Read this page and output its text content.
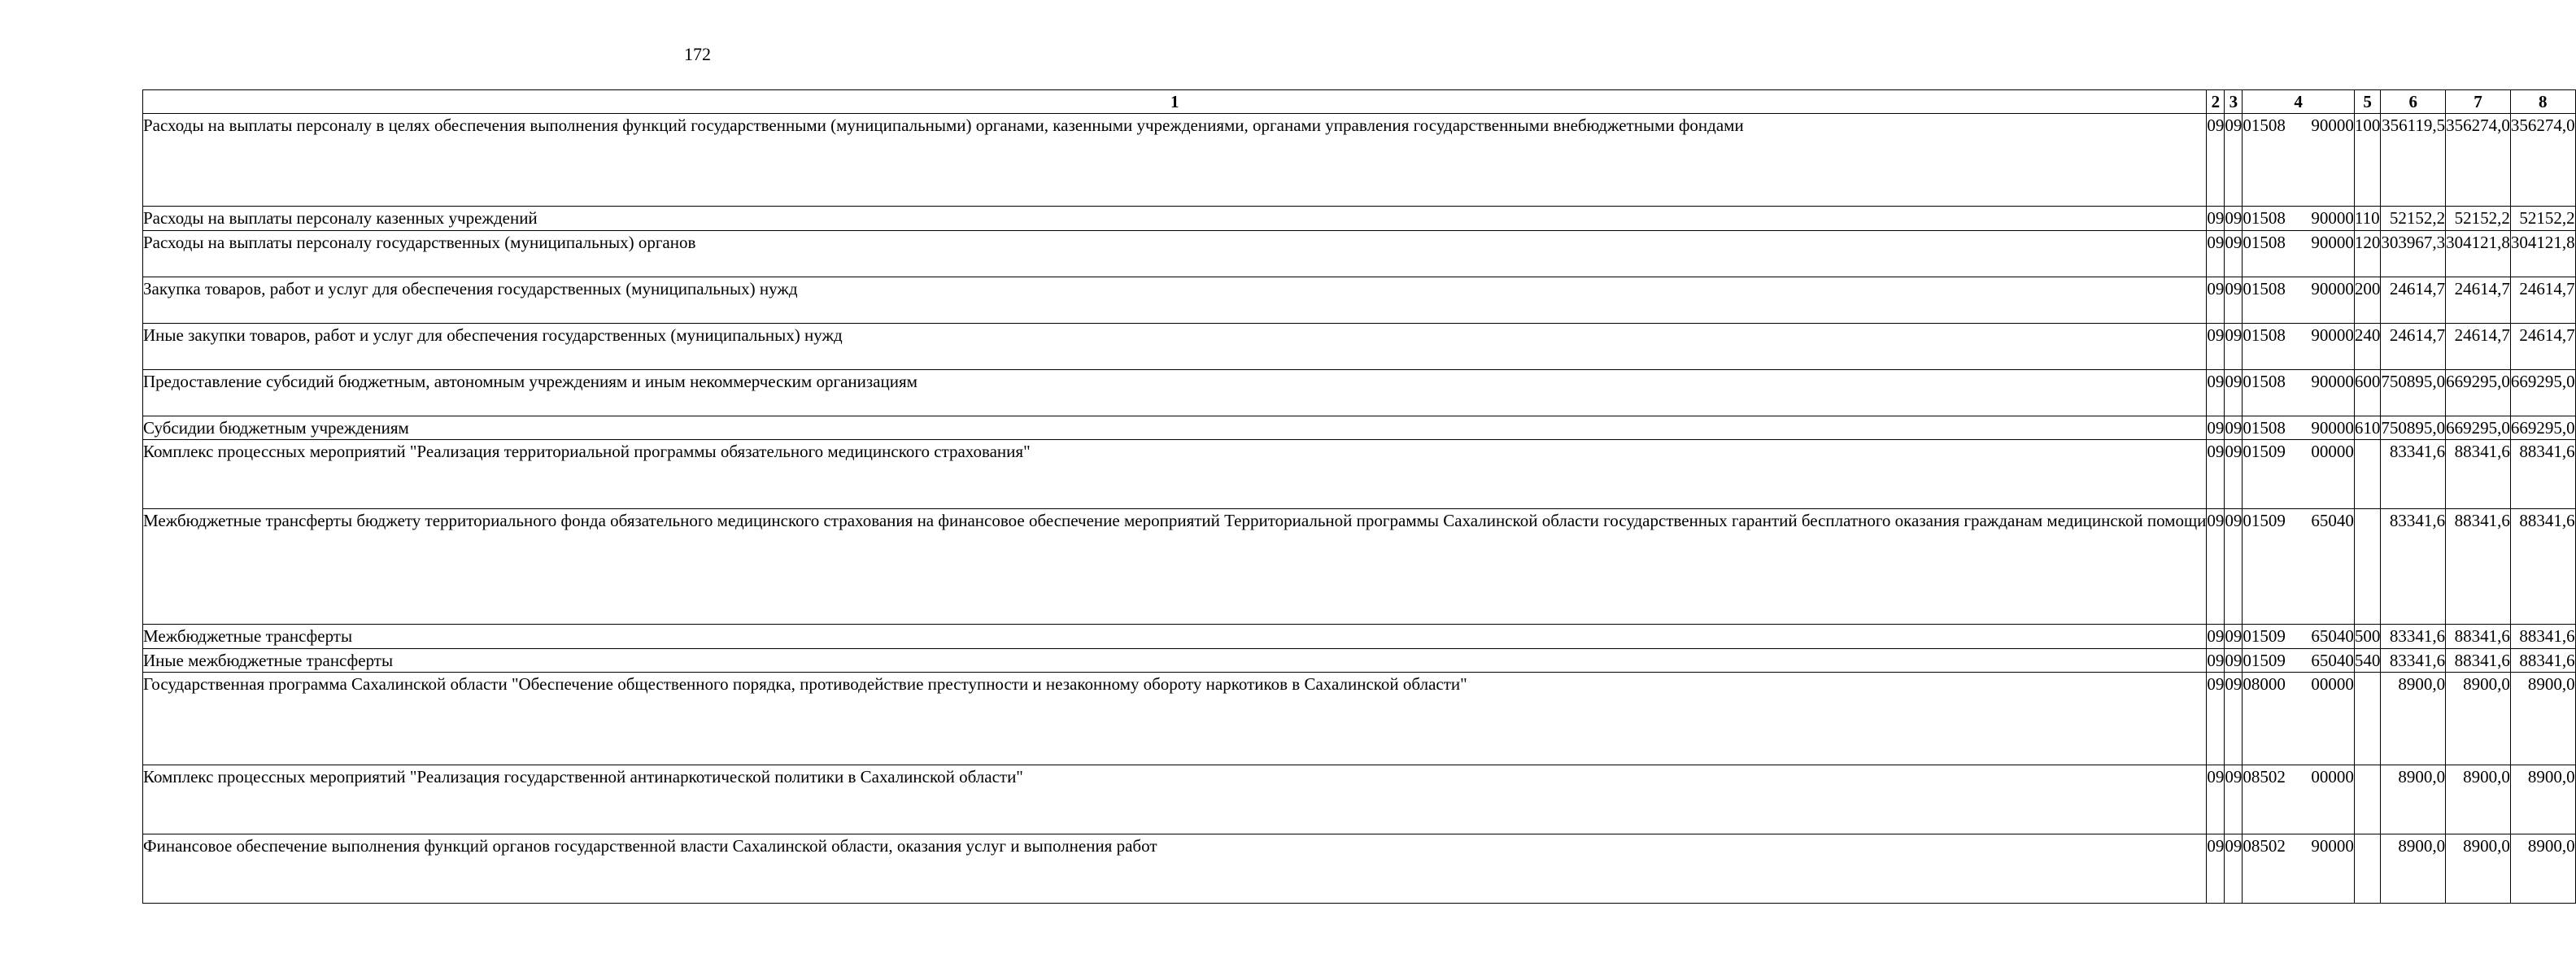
172
1	2	3	4	5	6	7	8
Расходы на выплаты персоналу в целях обеспечения выполнения функций государственными (муниципальными) органами, казенными учреждениями, органами управления государственными внебюджетными фондами	09	09	01508 90000	100	356119,5	356274,0	356274,0
Расходы на выплаты персоналу казенных учреждений	09	09	01508 90000	110	52152,2	52152,2	52152,2
Расходы на выплаты персоналу государственных (муниципальных) органов	09	09	01508 90000	120	303967,3	304121,8	304121,8
Закупка товаров, работ и услуг для обеспечения государственных (муниципальных) нужд	09	09	01508 90000	200	24614,7	24614,7	24614,7
Иные закупки товаров, работ и услуг для обеспечения государственных (муниципальных) нужд	09	09	01508 90000	240	24614,7	24614,7	24614,7
Предоставление субсидий бюджетным, автономным учреждениям и иным некоммерческим организациям	09	09	01508 90000	600	750895,0	669295,0	669295,0
Субсидии бюджетным учреждениям	09	09	01508 90000	610	750895,0	669295,0	669295,0
Комплекс процессных мероприятий "Реализация территориальной программы обязательного медицинского страхования"	09	09	01509 00000		83341,6	88341,6	88341,6
Межбюджетные трансферты бюджету территориального фонда обязательного медицинского страхования на финансовое обеспечение мероприятий Территориальной программы Сахалинской области государственных гарантий бесплатного оказания гражданам медицинской помощи	09	09	01509 65040		83341,6	88341,6	88341,6
Межбюджетные трансферты	09	09	01509 65040	500	83341,6	88341,6	88341,6
Иные межбюджетные трансферты	09	09	01509 65040	540	83341,6	88341,6	88341,6
Государственная программа Сахалинской области "Обеспечение общественного порядка, противодействие преступности и незаконному обороту наркотиков в Сахалинской области"	09	09	08000 00000		8900,0	8900,0	8900,0
Комплекс процессных мероприятий "Реализация государственной антинаркотической политики в Сахалинской области"	09	09	08502 00000		8900,0	8900,0	8900,0
Финансовое обеспечение выполнения функций органов государственной власти Сахалинской области, оказания услуг и выполнения работ	09	09	08502 90000		8900,0	8900,0	8900,0
